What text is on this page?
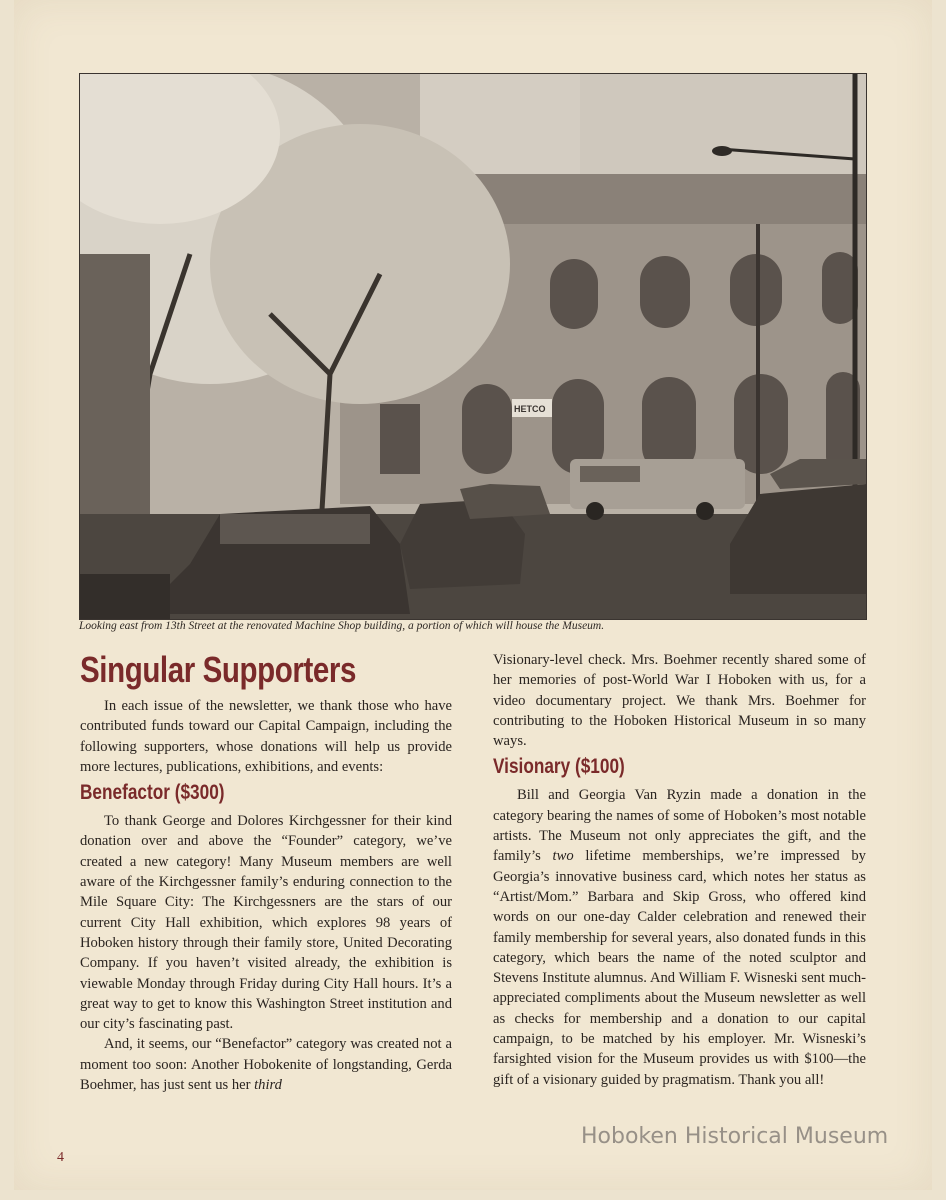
HETCO
Looking east from 13th Street at the renovated Machine Shop building, a portion of which will house the Museum.
Singular Supporters

In each issue of the newsletter, we thank those who have contributed funds toward our Capital Campaign, including the following supporters, whose donations will help us provide more lectures, publications, exhibitions, and events:

Benefactor ($300)

To thank George and Dolores Kirchgessner for their kind donation over and above the “Founder” category, we’ve created a new category! Many Museum members are well aware of the Kirchgessner family’s enduring connection to the Mile Square City: The Kirchgessners are the stars of our current City Hall exhibition, which explores 98 years of Hoboken history through their family store, United Decorating Company. If you haven’t visited already, the exhibition is viewable Monday through Friday during City Hall hours. It’s a great way to get to know this Washington Street institution and our city’s fascinating past.

And, it seems, our “Benefactor” category was created not a moment too soon: Another Hobokenite of longstanding, Gerda Boehmer, has just sent us her third

Visionary-level check. Mrs. Boehmer recently shared some of her memories of post-World War I Hoboken with us, for a video documentary project. We thank Mrs. Boehmer for contributing to the Hoboken Historical Museum in so many ways.

Visionary ($100)

Bill and Georgia Van Ryzin made a donation in the category bearing the names of some of Hoboken’s most notable artists. The Museum not only appreciates the gift, and the family’s two lifetime memberships, we’re impressed by Georgia’s innovative business card, which notes her status as “Artist/Mom.” Barbara and Skip Gross, who offered kind words on our one-day Calder celebration and renewed their family membership for several years, also donated funds in this category, which bears the name of the noted sculptor and Stevens Institute alumnus. And William F. Wisneski sent much-appreciated compliments about the Museum newsletter as well as checks for membership and a donation to our capital campaign, to be matched by his employer. Mr. Wisneski’s farsighted vision for the Museum provides us with $100—the gift of a visionary guided by pragmatism. Thank you all!

4
Hoboken Historical Museum
